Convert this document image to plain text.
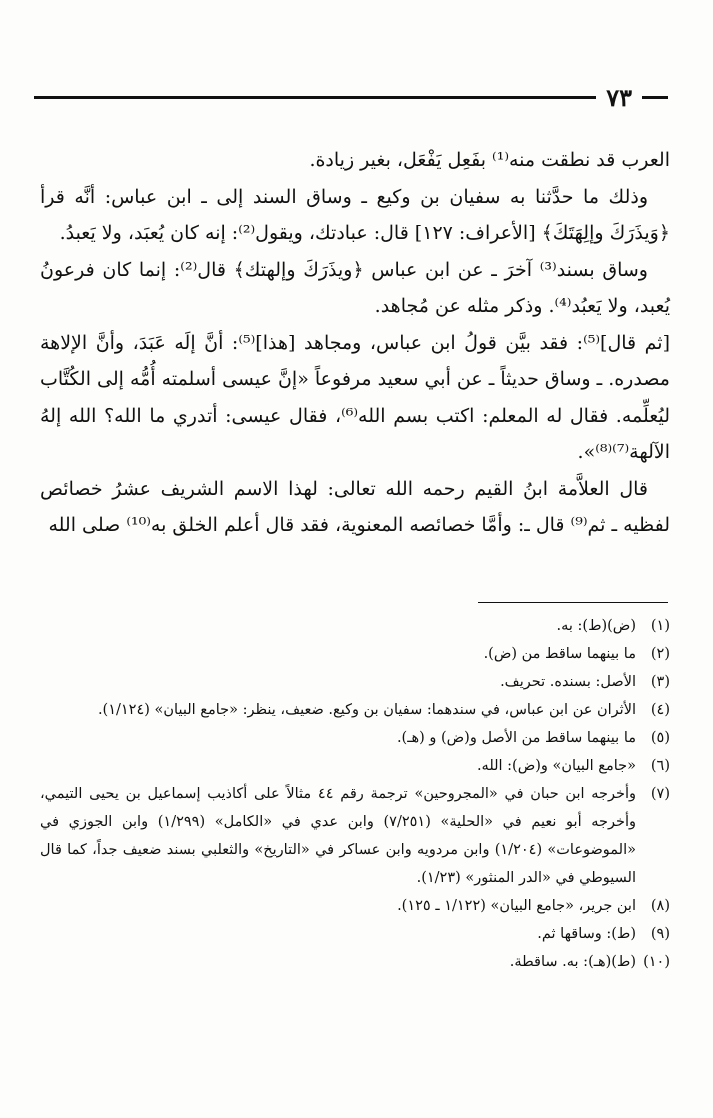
٧٣

العرب قد نطقت منه⁽¹⁾ بفَعِل يَفْعَل، بغير زيادة.

وذلك ما حدَّثنا به سفيان بن وكيع ـ وساق السند إلى ـ ابن عباس: أنَّه قرأ ﴿وَيذَرَكَ وإلِهَتَكَ﴾ [الأعراف: ١٢٧] قال: عبادتك، ويقول⁽²⁾: إنه كان يُعبَد، ولا يَعبدُ.

وساق بسند⁽³⁾ آخرَ ـ عن ابن عباس ﴿ويذَرَكَ وإلهتك﴾ قال⁽²⁾: إنما كان فرعونُ يُعبد، ولا يَعبُد⁽⁴⁾. وذكر مثله عن مُجاهد.

[ثم قال]⁽⁵⁾: فقد بيَّن قولُ ابن عباس، ومجاهد [هذا]⁽⁵⁾: أنَّ إلَه عَبَدَ، وأنَّ الإلاهة مصدره. ـ وساق حديثاً ـ عن أبي سعيد مرفوعاً «إنَّ عيسى أسلمته أُمُّه إلى الكُتَّاب ليُعلِّمه. فقال له المعلم: اكتب بسم الله⁽⁶⁾، فقال عيسى: أتدري ما الله؟ الله إلهُ الآلهة⁽⁷⁾⁽⁸⁾».

قال العلاَّمة ابنُ القيم رحمه الله تعالى: لهذا الاسم الشريف عشرُ خصائص لفظيه ـ ثم⁽⁹⁾ قال ـ: وأمَّا خصائصه المعنوية، فقد قال أعلم الخلق به⁽¹⁰⁾ صلى الله

(١)
(ض)(ط): به.
(٢)
ما بينهما ساقط من (ض).
(٣)
الأصل: بسنده. تحريف.
(٤)
الأثران عن ابن عباس، في سندهما: سفيان بن وكيع. ضعيف، ينظر: «جامع البيان» (١/١٢٤).
(٥)
ما بينهما ساقط من الأصل و(ض) و (هـ).
(٦)
«جامع البيان» و(ض): الله.
(٧)
وأخرجه ابن حبان في «المجروحين» ترجمة رقم ٤٤ مثالاً على أكاذيب إسماعيل بن يحيى التيمي، وأخرجه أبو نعيم في «الحلية» (٧/٢٥١) وابن عدي في «الكامل» (١/٢٩٩) وابن الجوزي في «الموضوعات» (١/٢٠٤) وابن مردويه وابن عساكر في «التاريخ» والثعلبي بسند ضعيف جداً، كما قال السيوطي في «الدر المنثور» (١/٢٣).
(٨)
ابن جرير، «جامع البيان» (١/١٢٢ ـ ١٢٥).
(٩)
(ط): وساقها ثم.
(١٠)
(ط)(هـ): به. ساقطة.
